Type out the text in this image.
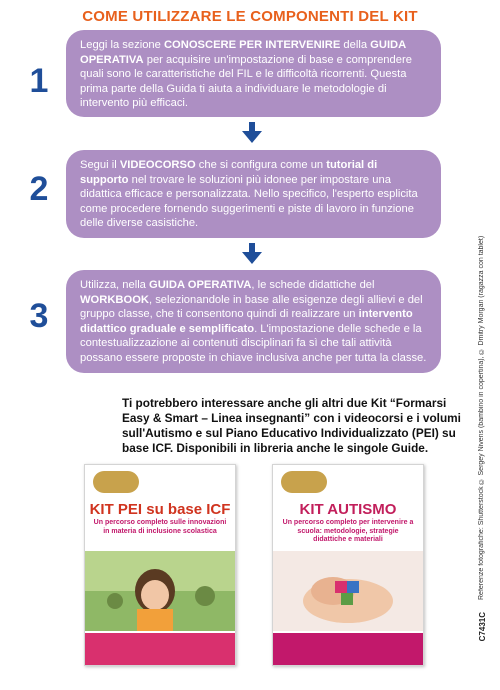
COME UTILIZZARE LE COMPONENTI DEL KIT
1
Leggi la sezione CONOSCERE PER INTERVENIRE della GUIDA OPERATIVA per acquisire un'impostazione di base e comprendere quali sono le caratteristiche del FIL e le difficoltà ricorrenti. Questa prima parte della Guida ti aiuta a individuare le metodologie di intervento più efficaci.
2
Segui il VIDEOCORSO che si configura come un tutorial di supporto nel trovare le soluzioni più idonee per impostare una didattica efficace e personalizzata. Nello specifico, l'esperto esplicita come procedere fornendo suggerimenti e piste di lavoro in funzione delle diverse casistiche.
3
Utilizza, nella GUIDA OPERATIVA, le schede didattiche del WORKBOOK, selezionandole in base alle esigenze degli allievi e del gruppo classe, che ti consentono quindi di realizzare un intervento didattico graduale e semplificato. L'impostazione delle schede e la contestualizzazione ai contenuti disciplinari fa sì che tali attività possano essere proposte in chiave inclusiva anche per tutta la classe.
Ti potrebbero interessare anche gli altri due Kit “Formarsi Easy & Smart – Linea insegnanti” con i videocorsi e i volumi sull'Autismo e sul Piano Educativo Individualizzato (PEI) su base ICF. Disponibili in libreria anche le singole Guide.
KIT PEI su base ICF
Un percorso completo sulle innovazioni in materia di inclusione scolastica
KIT AUTISMO
Un percorso completo per intervenire a scuola: metodologie, strategie didattiche e materiali	Referenze fotografiche: Shutterstock © Sergey Nivens (bambino in copertina), © Dmitry Morgan (ragazza con tablet)
C7431C
